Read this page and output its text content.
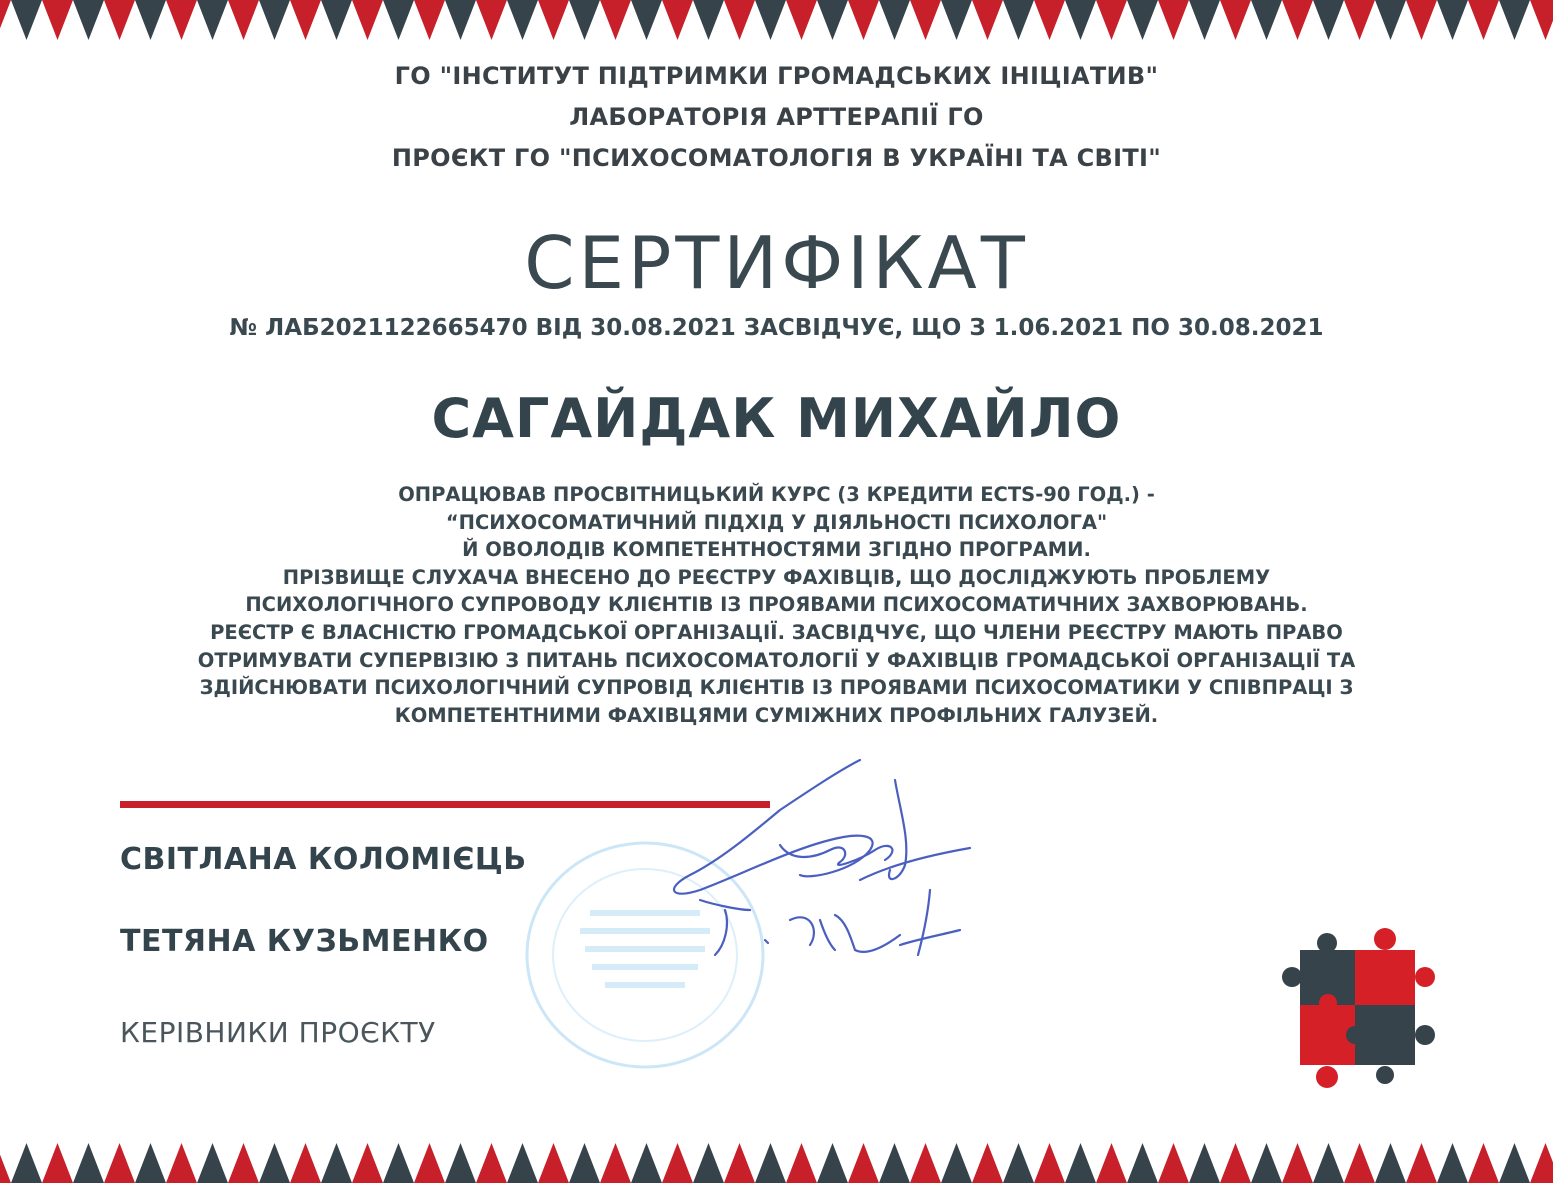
ГО "ІНСТИТУТ ПІДТРИМКИ ГРОМАДСЬКИХ ІНІЦІАТИВ"
ЛАБОРАТОРІЯ АРТТЕРАПІЇ ГО
ПРОЄКТ ГО "ПСИХОСОМАТОЛОГІЯ В УКРАЇНІ ТА СВІТІ"
СЕРТИФІКАТ
№ ЛАБ2021122665470 ВІД 30.08.2021 ЗАСВІДЧУЄ, ЩО З 1.06.2021 ПО 30.08.2021
САГАЙДАК МИХАЙЛО
ОПРАЦЮВАВ ПРОСВІТНИЦЬКИЙ КУРС (3 КРЕДИТИ ECTS-90 ГОД.) -
“ПСИХОСОМАТИЧНИЙ ПІДХІД У ДІЯЛЬНОСТІ ПСИХОЛОГА"
Й ОВОЛОДІВ КОМПЕТЕНТНОСТЯМИ ЗГІДНО ПРОГРАМИ.
ПРІЗВИЩЕ СЛУХАЧА ВНЕСЕНО ДО РЕЄСТРУ ФАХІВЦІВ, ЩО ДОСЛІДЖУЮТЬ ПРОБЛЕМУ
ПСИХОЛОГІЧНОГО СУПРОВОДУ КЛІЄНТІВ ІЗ ПРОЯВАМИ ПСИХОСОМАТИЧНИХ ЗАХВОРЮВАНЬ.
РЕЄСТР Є ВЛАСНІСТЮ ГРОМАДСЬКОЇ ОРГАНІЗАЦІЇ. ЗАСВІДЧУЄ, ЩО ЧЛЕНИ РЕЄСТРУ МАЮТЬ ПРАВО
ОТРИМУВАТИ СУПЕРВІЗІЮ З ПИТАНЬ ПСИХОСОМАТОЛОГІЇ У ФАХІВЦІВ ГРОМАДСЬКОЇ ОРГАНІЗАЦІЇ ТА
ЗДІЙСНЮВАТИ ПСИХОЛОГІЧНИЙ СУПРОВІД КЛІЄНТІВ ІЗ ПРОЯВАМИ ПСИХОСОМАТИКИ У СПІВПРАЦІ З
КОМПЕТЕНТНИМИ ФАХІВЦЯМИ СУМІЖНИХ ПРОФІЛЬНИХ ГАЛУЗЕЙ.
СВІТЛАНА КОЛОМІЄЦЬ
ТЕТЯНА КУЗЬМЕНКО
КЕРІВНИКИ ПРОЄКТУ
